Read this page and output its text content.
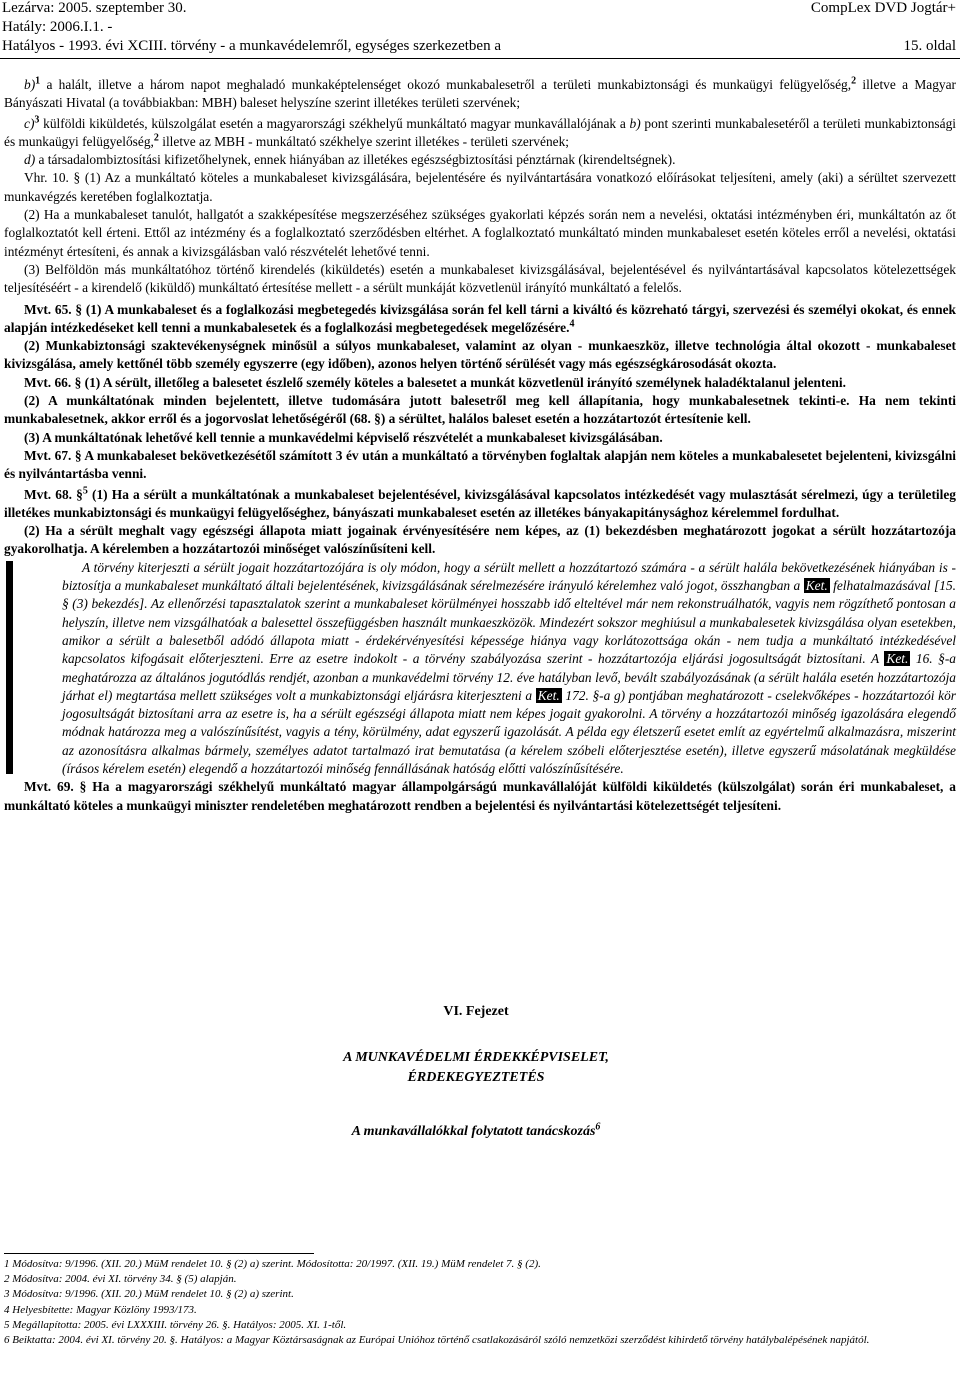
Lezárva: 2005. szeptember 30.	CompLex DVD Jogtár+
Hatály: 2006.I.1. -
Hatályos - 1993. évi XCIII. törvény - a munkavédelemről, egységes szerkezetben a	15. oldal

b)$^1$ a halált, illetve a három napot meghaladó munkaképtelenséget okozó munkabalesetről a területi munkabiztonsági és munkaügyi felügyelőség,$^2$ illetve a Magyar Bányászati Hivatal (a továbbiakban: MBH) baleset helyszíne szerint illetékes területi szervének;

c)$^3$ külföldi kiküldetés, külszolgálat esetén a magyarországi székhelyű munkáltató magyar munkavállalójának a b) pont szerinti munkabalesetéről a területi munkabiztonsági és munkaügyi felügyelőség,$^2$ illetve az MBH - munkáltató székhelye szerint illetékes - területi szervének;

d) a társadalombiztosítási kifizetőhelynek, ennek hiányában az illetékes egészségbiztosítási pénztárnak (kirendeltségnek).

Vhr. 10. § (1) Az a munkáltató köteles a munkabaleset kivizsgálására, bejelentésére és nyilvántartására vonatkozó előírásokat teljesíteni, amely (aki) a sérültet szervezett munkavégzés keretében foglalkoztatja.

(2) Ha a munkabaleset tanulót, hallgatót a szakképesítése megszerzéséhez szükséges gyakorlati képzés során nem a nevelési, oktatási intézményben éri, munkáltatón az őt foglalkoztatót kell érteni. Ettől az intézmény és a foglalkoztató szerződésben eltérhet. A foglalkoztató munkáltató minden munkabaleset esetén köteles erről a nevelési, oktatási intézményt értesíteni, és annak a kivizsgálásban való részvételét lehetővé tenni.

(3) Belföldön más munkáltatóhoz történő kirendelés (kiküldetés) esetén a munkabaleset kivizsgálásával, bejelentésével és nyilvántartásával kapcsolatos kötelezettségek teljesítéséért - a kirendelő (kiküldő) munkáltató értesítése mellett - a sérült munkáját közvetlenül irányító munkáltató a felelős.

Mvt. 65. § (1) A munkabaleset és a foglalkozási megbetegedés kivizsgálása során fel kell tárni a kiváltó és közreható tárgyi, szervezési és személyi okokat, és ennek alapján intézkedéseket kell tenni a munkabalesetek és a foglalkozási megbetegedések megelőzésére.$^4$

(2) Munkabiztonsági szaktevékenységnek minősül a súlyos munkabaleset, valamint az olyan - munkaeszköz, illetve technológia által okozott - munkabaleset kivizsgálása, amely kettőnél több személy egyszerre (egy időben), azonos helyen történő sérülését vagy más egészségkárosodását okozta.

Mvt. 66. § (1) A sérült, illetőleg a balesetet észlelő személy köteles a balesetet a munkát közvetlenül irányító személynek haladéktalanul jelenteni.

(2) A munkáltatónak minden bejelentett, illetve tudomására jutott balesetről meg kell állapítania, hogy munkabalesetnek tekinti-e. Ha nem tekinti munkabalesetnek, akkor erről és a jogorvoslat lehetőségéről (68. §) a sérültet, halálos baleset esetén a hozzátartozót értesítenie kell.

(3) A munkáltatónak lehetővé kell tennie a munkavédelmi képviselő részvételét a munkabaleset kivizsgálásában.

Mvt. 67. § A munkabaleset bekövetkezésétől számított 3 év után a munkáltató a törvényben foglaltak alapján nem köteles a munkabalesetet bejelenteni, kivizsgálni és nyilvántartásba venni.

Mvt. 68. §$^5$ (1) Ha a sérült a munkáltatónak a munkabaleset bejelentésével, kivizsgálásával kapcsolatos intézkedését vagy mulasztását sérelmezi, úgy a területileg illetékes munkabiztonsági és munkaügyi felügyelőséghez, bányászati munkabaleset esetén az illetékes bányakapitánysághoz kérelemmel fordulhat.

(2) Ha a sérült meghalt vagy egészségi állapota miatt jogainak érvényesítésére nem képes, az (1) bekezdésben meghatározott jogokat a sérült hozzátartozója gyakorolhatja. A kérelemben a hozzátartozói minőséget valószínűsíteni kell.

A törvény kiterjeszti a sérült jogait hozzátartozójára is oly módon, hogy a sérült mellett a hozzátartozó számára - a sérült halála bekövetkezésének hiányában is - biztosítja a munkabaleset munkáltató általi bejelentésének, kivizsgálásának sérelmezésére irányuló kérelemhez való jogot, összhangban a Ket. felhatalmazásával [15. § (3) bekezdés]. Az ellenőrzési tapasztalatok szerint a munkabaleset körülményei hosszabb idő elteltével már nem rekonstruálhatók, vagyis nem rögzíthető pontosan a helyszín, illetve nem vizsgálhatóak a balesettel összefüggésben használt munkaeszközök. Mindezért sokszor meghiúsul a munkabalesetek kivizsgálása olyan esetekben, amikor a sérült a balesetből adódó állapota miatt - érdekérvényesítési képessége hiánya vagy korlátozottsága okán - nem tudja a munkáltató intézkedésével kapcsolatos kifogásait előterjeszteni. Erre az esetre indokolt - a törvény szabályozása szerint - hozzátartozója eljárási jogosultságát biztosítani. A Ket. 16. §-a meghatározza az általános jogutódlás rendjét, azonban a munkavédelmi törvény 12. éve hatályban levő, bevált szabályozásának (a sérült halála esetén hozzátartozója járhat el) megtartása mellett szükséges volt a munkabiztonsági eljárásra kiterjeszteni a Ket. 172. §-a g) pontjában meghatározott - cselekvőképes - hozzátartozói kör jogosultságát biztosítani arra az esetre is, ha a sérült egészségi állapota miatt nem képes jogait gyakorolni. A törvény a hozzátartozói minőség igazolására elegendő módnak határozza meg a valószínűsítést, vagyis a tény, körülmény, adat egyszerű igazolását. A példa egy életszerű esetet említ az egyértelmű alkalmazásra, miszerint az azonosításra alkalmas bármely, személyes adatot tartalmazó irat bemutatása (a kérelem szóbeli előterjesztése esetén), illetve egyszerű másolatának megküldése (írásos kérelem esetén) elegendő a hozzátartozói minőség fennállásának hatóság előtti valószínűsítésére.

Mvt. 69. § Ha a magyarországi székhelyű munkáltató magyar állampolgárságú munkavállalóját külföldi kiküldetés (külszolgálat) során éri munkabaleset, a munkáltató köteles a munkaügyi miniszter rendeletében meghatározott rendben a bejelentési és nyilvántartási kötelezettségét teljesíteni.

VI. Fejezet
A MUNKAVÉDELMI ÉRDEKKÉPVISELET,
ÉRDEKEGYEZTETÉS
A munkavállalókkal folytatott tanácskozás$^6$

1 Módosítva: 9/1996. (XII. 20.) MüM rendelet 10. § (2) a) szerint. Módosította: 20/1997. (XII. 19.) MüM rendelet 7. § (2).

2 Módosítva: 2004. évi XI. törvény 34. § (5) alapján.

3 Módosítva: 9/1996. (XII. 20.) MüM rendelet 10. § (2) a) szerint.

4 Helyesbítette: Magyar Közlöny 1993/173.

5 Megállapította: 2005. évi LXXXIII. törvény 26. §. Hatályos: 2005. XI. 1-től.

6 Beiktatta: 2004. évi XI. törvény 20. §. Hatályos: a Magyar Köztársaságnak az Európai Unióhoz történő csatlakozásáról szóló nemzetközi szerződést kihirdető törvény hatálybalépésének napjától.
